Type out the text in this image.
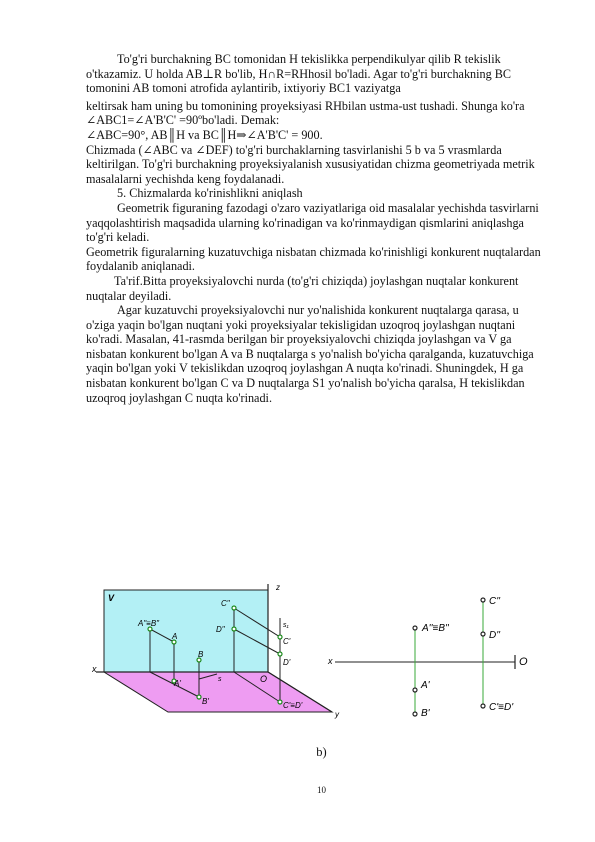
To'g'ri burchakning BC tomonidan H tekislikka perpendikulyar qilib R tekislik o'tkazamiz. U holda AB⊥R bo'lib, H∩R=RHhosil bo'ladi. Agar to'g'ri burchakning BC tomonini AB tomoni atrofida aylantirib, ixtiyoriy BC1 vaziyatga

keltirsak ham uning bu tomonining proyeksiyasi RHbilan ustma-ust tushadi. Shunga ko'ra ∠ABC1=∠A'B'C' =90ºbo'ladi. Demak:

∠ABC=90°, AB║H va BC║H⇒∠A'B'C' = 900.

Chizmada (∠ABC va ∠DEF) to'g'ri burchaklarning tasvirlanishi 5 b va 5 vrasmlarda

keltirilgan. To'g'ri burchakning proyeksiyalanish xususiyatidan chizma geometriyada metrik masalalarni yechishda keng foydalanadi.

5. Chizmalarda ko'rinishlikni aniqlash

Geometrik figuraning fazodagi o'zaro vaziyatlariga oid masalalar yechishda tasvirlarni yaqqolashtirish maqsadida ularning ko'rinadigan va ko'rinmaydigan qismlarini aniqlashga to'g'ri keladi.

Geometrik figuralarning kuzatuvchiga nisbatan chizmada ko'rinishligi konkurent nuqtalardan foydalanib aniqlanadi.

Ta'rif.Bitta proyeksiyalovchi nurda (to'g'ri chiziqda) joylashgan nuqtalar konkurent nuqtalar deyiladi.

Agar kuzatuvchi proyeksiyalovchi nur yo'nalishida konkurent nuqtalarga qarasa, u o'ziga yaqin bo'lgan nuqtani yoki proyeksiyalar tekisligidan uzoqroq joylashgan nuqtani ko'radi. Masalan, 41-rasmda berilgan bir proyeksiyalovchi chiziqda joylashgan va V ga nisbatan konkurent bo'lgan A va B nuqtalarga s yo'nalish bo'yicha qaralganda, kuzatuvchiga yaqin bo'lgan yoki V tekislikdan uzoqroq joylashgan A nuqta ko'rinadi. Shuningdek, H ga nisbatan konkurent bo'lgan C va D nuqtalarga S1 yo'nalish bo'yicha qaralsa, H tekislikdan uzoqroq joylashgan C nuqta ko'rinadi.

V
x
z
y
O
A"≡B"
A
B
A'
B'
C"
D"
C'
D'
C'≡D'
s
s₁
x	O
A''≡B''
A'
B'
C''
D''
C'≡D'
b)
10
